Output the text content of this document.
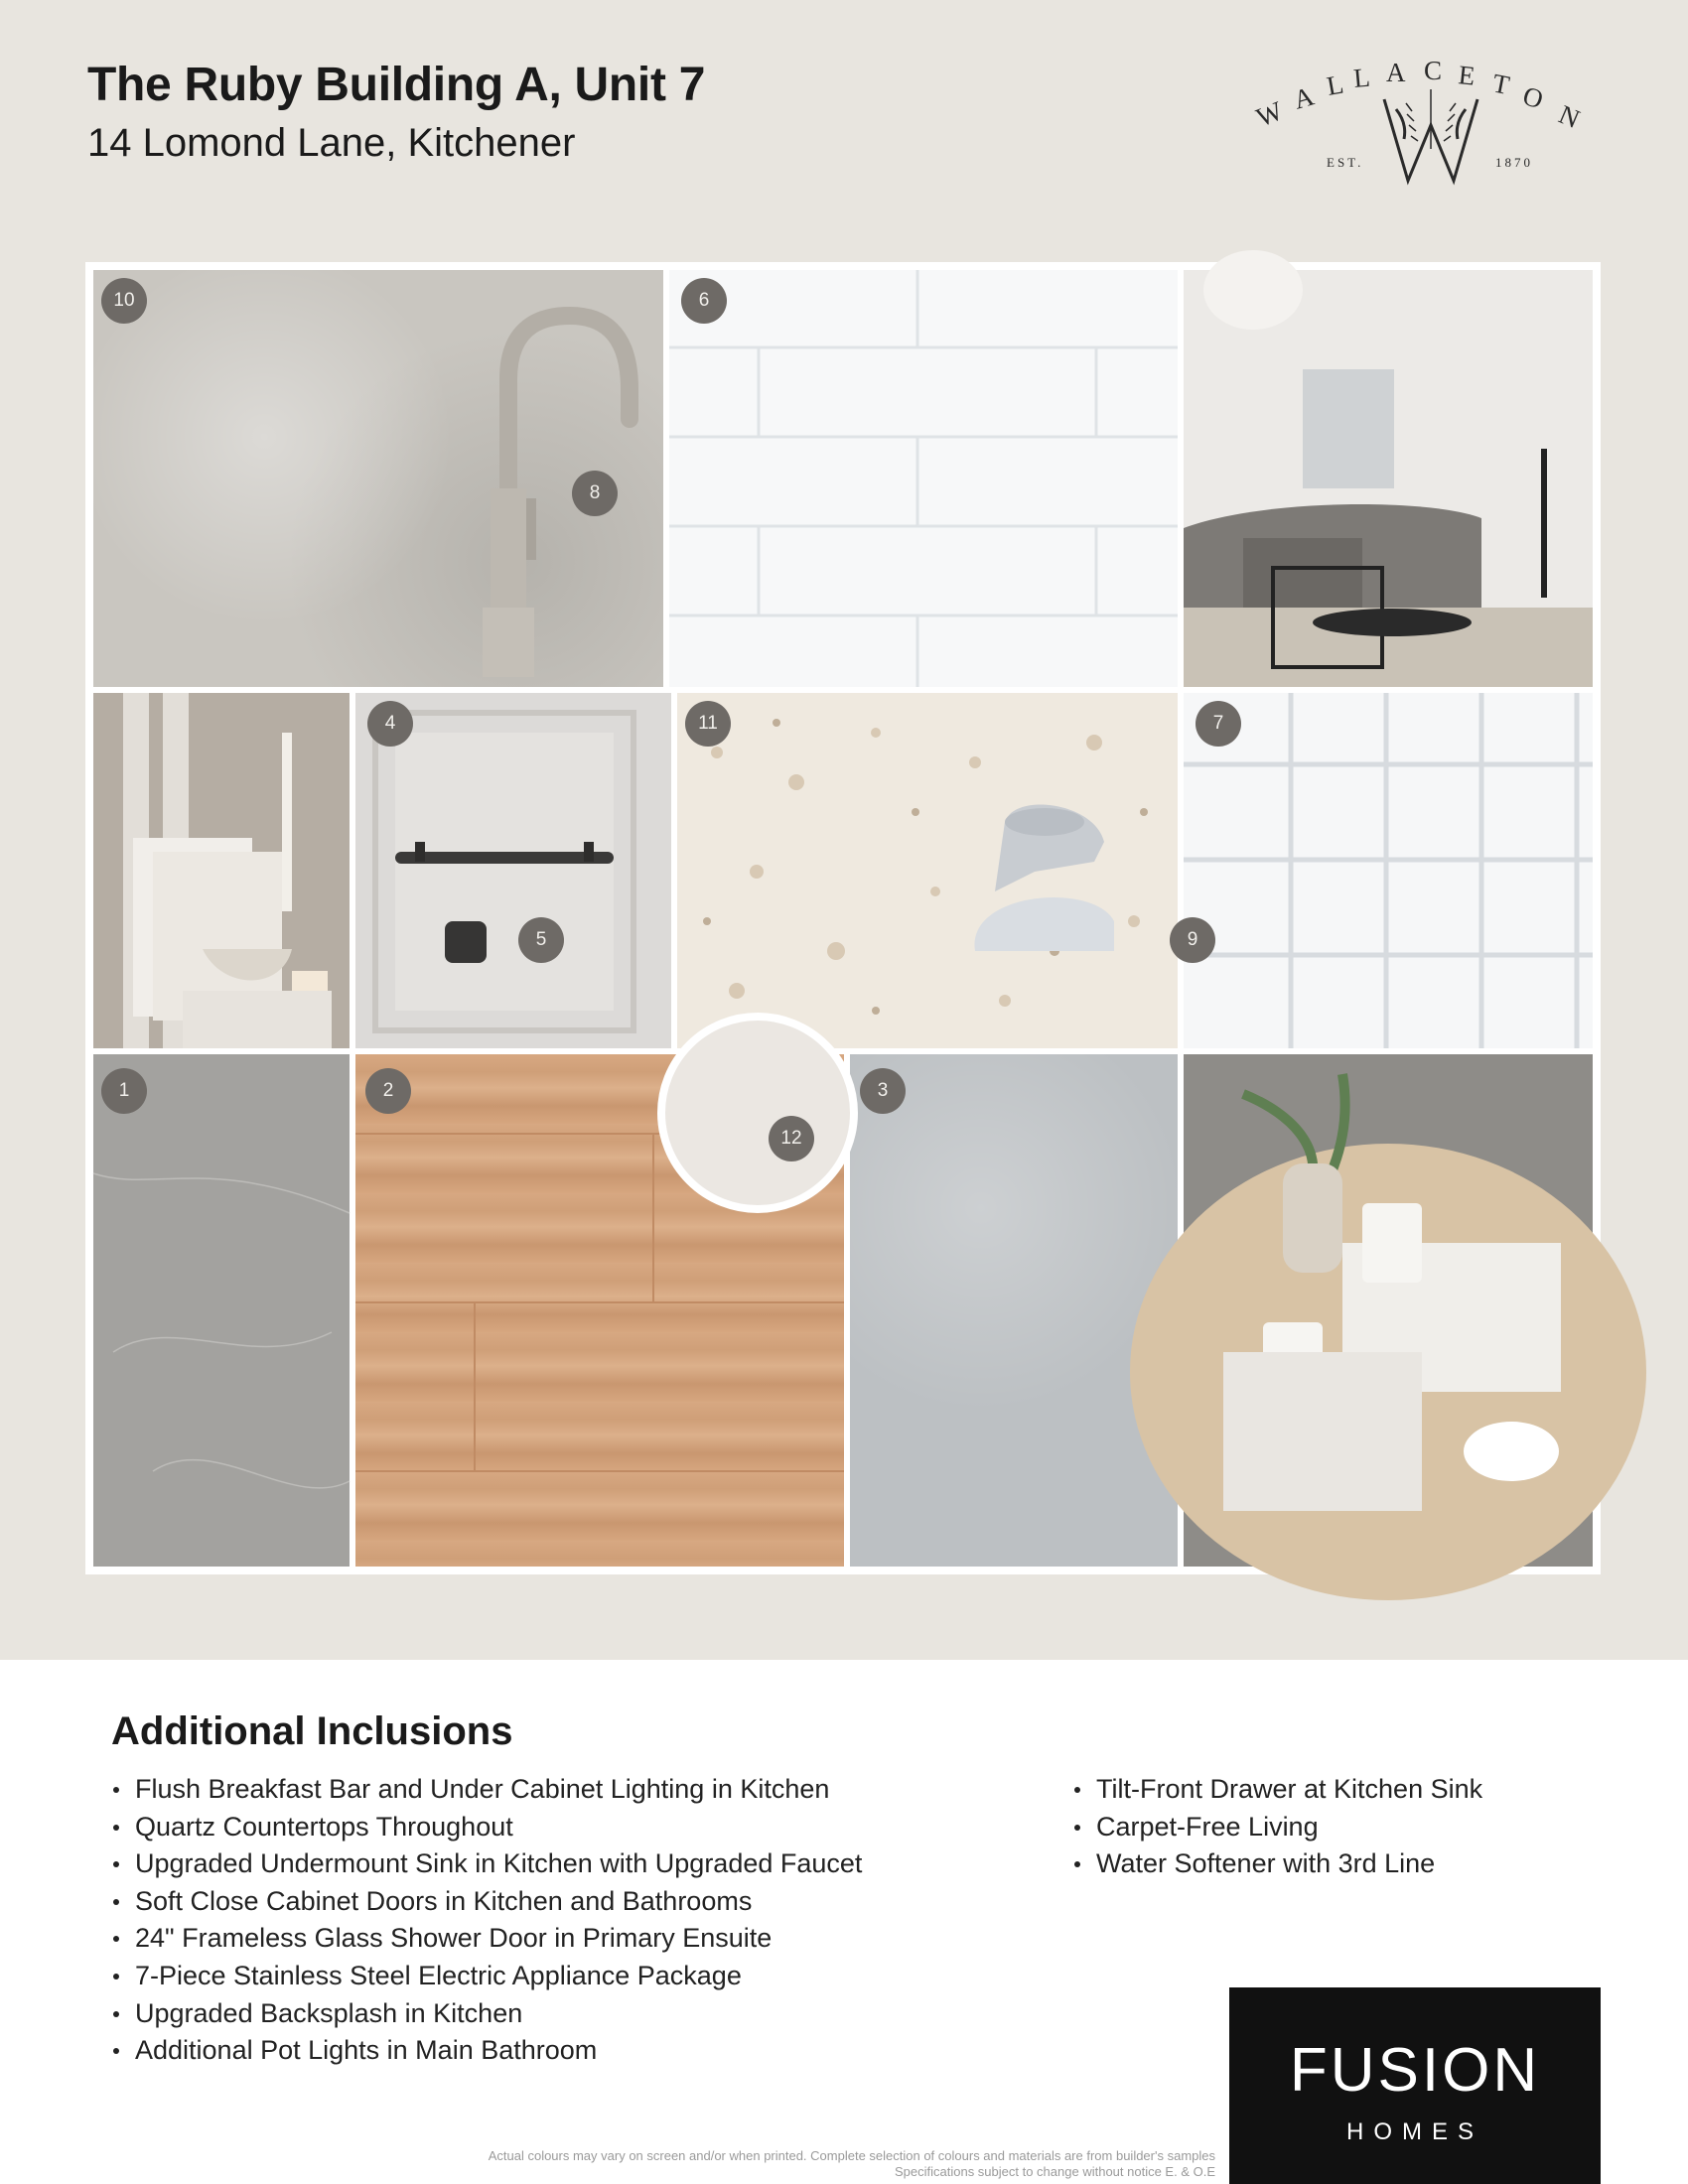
The Ruby Building A, Unit 7
14 Lomond Lane, Kitchener
W A L L A C E T O
N
EST.	1870
10
8
6
4
5
11
9
7
1	2	3
12
Additional Inclusions
Flush Breakfast Bar and Under Cabinet Lighting in Kitchen
Quartz Countertops Throughout
Upgraded Undermount Sink in Kitchen with Upgraded Faucet
Soft Close Cabinet Doors in Kitchen and Bathrooms
24" Frameless Glass Shower Door in Primary Ensuite
7-Piece Stainless Steel Electric Appliance Package
Upgraded Backsplash in Kitchen
Additional Pot Lights in Main Bathroom
Tilt-Front Drawer at Kitchen Sink
Carpet-Free Living
Water Softener with 3rd Line
FUSION
HOMES

Actual colours may vary on screen and/or when printed. Complete selection of colours and materials are from builder's samples

Specifications subject to change without notice E. & O.E
